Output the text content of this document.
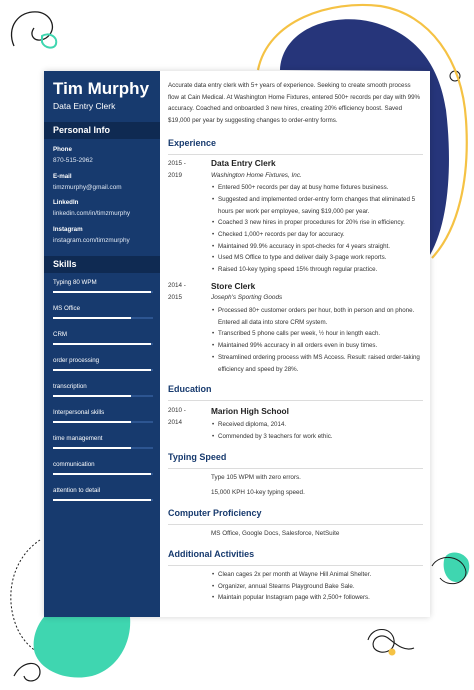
Tim Murphy
Data Entry Clerk
Personal Info
Phone
870-515-2962
E-mail
timzmurphy@gmail.com
LinkedIn
linkedin.com/in/timzmurphy
Instagram
instagram.com/timzmurphy
Skills
Typing 80 WPM
MS Office
CRM
order processing
transcription
Interpersonal skills
time management
communication
attention to detail
Accurate data entry clerk with 5+ years of experience. Seeking to create smooth process flow at Cain Medical. At Washington Home Fixtures, entered 500+ records per day with 99% accuracy. Coached and onboarded 3 new hires, creating 20% efficiency boost. Saved $19,000 per year by suggesting changes to order-entry forms.
Experience
2015 -
2019
Data Entry Clerk
Washington Home Fixtures, Inc.
• Entered 500+ records per day at busy home fixtures business.
• Suggested and implemented order-entry form changes that eliminated 5 hours per work per employee, saving $19,000 per year.
• Coached 3 new hires in proper procedures for 20% rise in efficiency.
• Checked 1,000+ records per day for accuracy.
• Maintained 99.9% accuracy in spot-checks for 4 years straight.
• Used MS Office to type and deliver daily 3-page work reports.
• Raised 10-key typing speed 15% through regular practice.
2014 -
2015
Store Clerk
Joseph's Sporting Goods
• Processed 80+ customer orders per hour, both in person and on phone. Entered all data into store CRM system.
• Transcribed 5 phone calls per week, ½ hour in length each.
• Maintained 99% accuracy in all orders even in busy times.
• Streamlined ordering process with MS Access. Result: raised order-taking efficiency and speed by 28%.
Education
2010 -
2014
Marion High School
• Received diploma, 2014.
• Commended by 3 teachers for work ethic.
Typing Speed
Type 105 WPM with zero errors.
15,000 KPH 10-key typing speed.
Computer Proficiency
MS Office, Google Docs, Salesforce, NetSuite
Additional Activities
• Clean cages 2x per month at Wayne Hill Animal Shelter.
• Organizer, annual Stearns Playground Bake Sale.
• Maintain popular Instagram page with 2,500+ followers.
